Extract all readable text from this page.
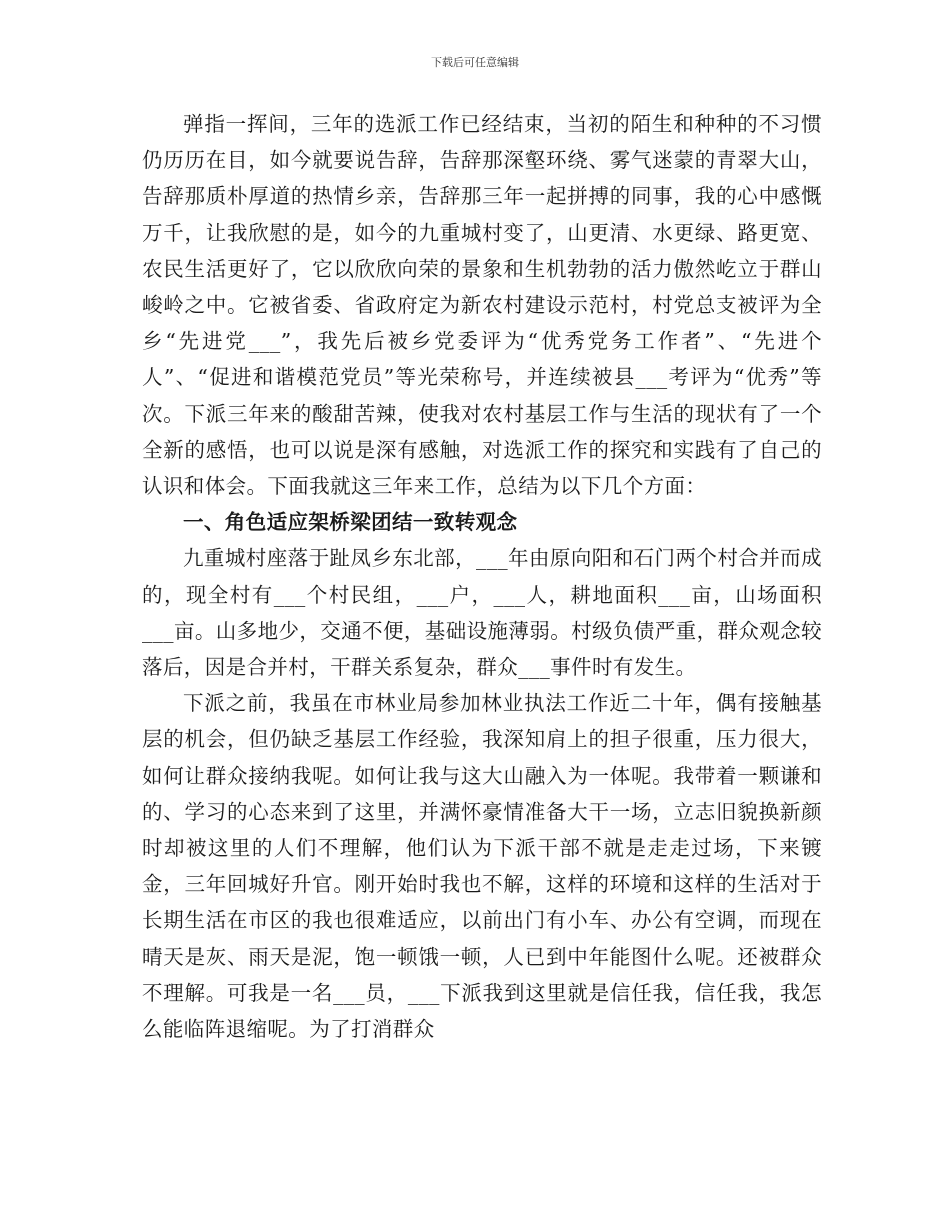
下载后可任意编辑

弹指一挥间，三年的选派工作已经结束，当初的陌生和种种的不习惯仍历历在目，如今就要说告辞，告辞那深壑环绕、雾气迷蒙的青翠大山，告辞那质朴厚道的热情乡亲，告辞那三年一起拼搏的同事，我的心中感慨万千，让我欣慰的是，如今的九重城村变了，山更清、水更绿、路更宽、农民生活更好了，它以欣欣向荣的景象和生机勃勃的活力傲然屹立于群山峻岭之中。它被省委、省政府定为新农村建设示范村，村党总支被评为全乡“先进党___”，我先后被乡党委评为“优秀党务工作者”、“先进个人”、“促进和谐模范党员”等光荣称号，并连续被县___考评为“优秀”等次。下派三年来的酸甜苦辣，使我对农村基层工作与生活的现状有了一个全新的感悟，也可以说是深有感触，对选派工作的探究和实践有了自己的认识和体会。下面我就这三年来工作，总结为以下几个方面：

一、角色适应架桥梁团结一致转观念

九重城村座落于趾凤乡东北部，___年由原向阳和石门两个村合并而成的，现全村有___个村民组，___户，___人，耕地面积___亩，山场面积___亩。山多地少，交通不便，基础设施薄弱。村级负债严重，群众观念较落后，因是合并村，干群关系复杂，群众___事件时有发生。

下派之前，我虽在市林业局参加林业执法工作近二十年，偶有接触基层的机会，但仍缺乏基层工作经验，我深知肩上的担子很重，压力很大，如何让群众接纳我呢。如何让我与这大山融入为一体呢。我带着一颗谦和的、学习的心态来到了这里，并满怀豪情准备大干一场，立志旧貌换新颜时却被这里的人们不理解，他们认为下派干部不就是走走过场，下来镀金，三年回城好升官。刚开始时我也不解，这样的环境和这样的生活对于长期生活在市区的我也很难适应，以前出门有小车、办公有空调，而现在晴天是灰、雨天是泥，饱一顿饿一顿，人已到中年能图什么呢。还被群众不理解。可我是一名___员，___下派我到这里就是信任我，信任我，我怎么能临阵退缩呢。为了打消群众
